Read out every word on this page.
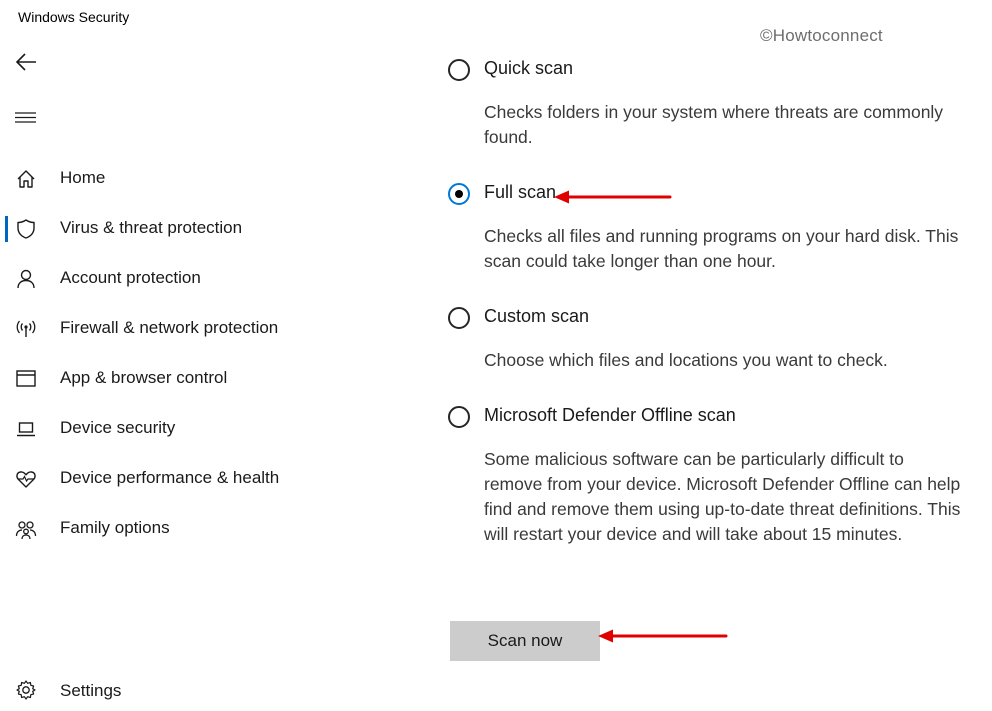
Windows Security
©Howtoconnect
Home
Virus & threat protection
Account protection
Firewall & network protection
App & browser control
Device security
Device performance & health
Family options
Settings
Quick scan
Checks folders in your system where threats are commonly found.
Full scan
Checks all files and running programs on your hard disk. This scan could take longer than one hour.
Custom scan
Choose which files and locations you want to check.
Microsoft Defender Offline scan
Some malicious software can be particularly difficult to remove from your device. Microsoft Defender Offline can help find and remove them using up-to-date threat definitions. This will restart your device and will take about 15 minutes.
Scan now
